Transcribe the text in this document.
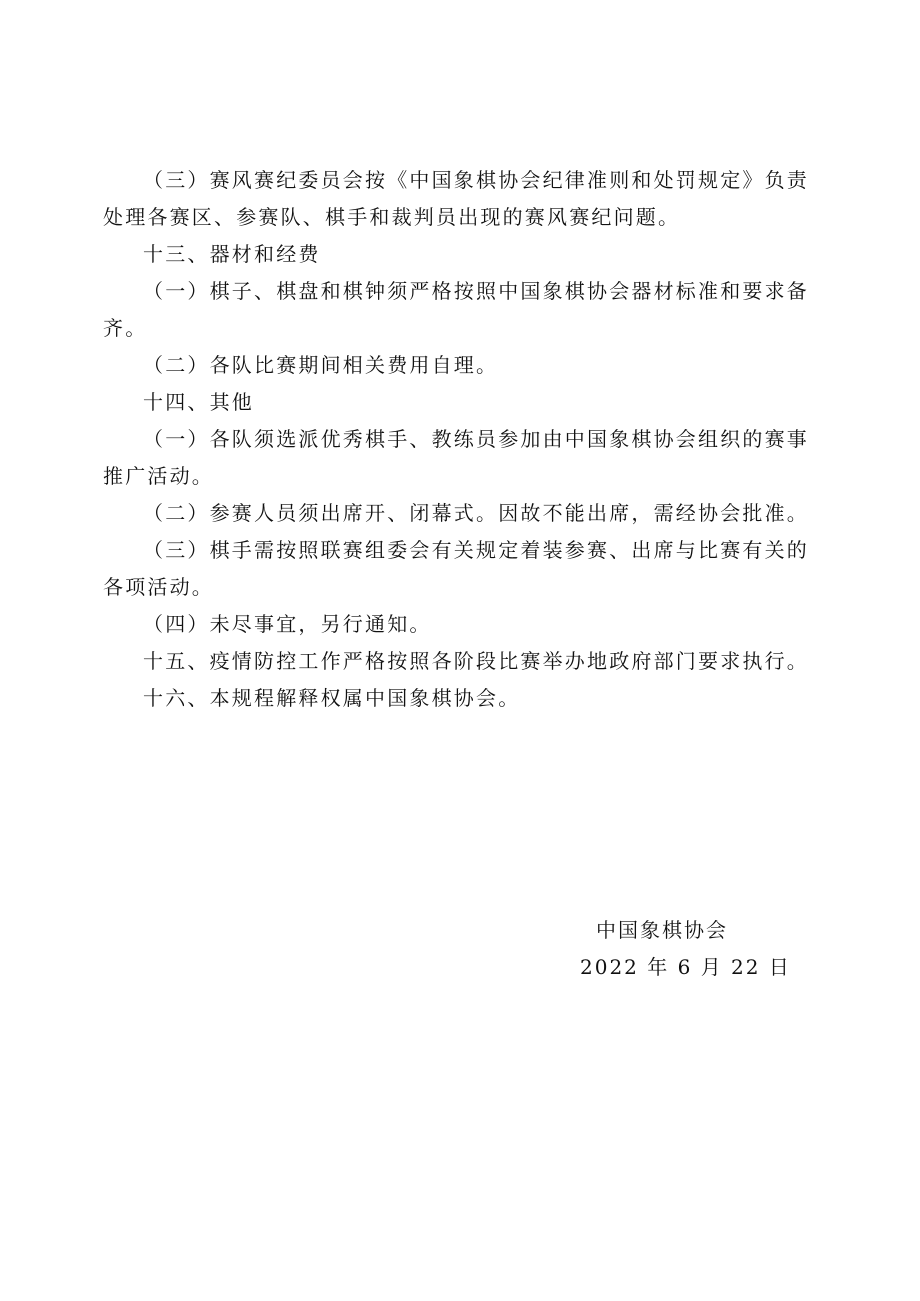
（三）赛风赛纪委员会按《中国象棋协会纪律准则和处罚规定》负责处理各赛区、参赛队、棋手和裁判员出现的赛风赛纪问题。

十三、器材和经费

（一）棋子、棋盘和棋钟须严格按照中国象棋协会器材标准和要求备齐。

（二）各队比赛期间相关费用自理。

十四、其他

（一）各队须选派优秀棋手、教练员参加由中国象棋协会组织的赛事推广活动。

（二）参赛人员须出席开、闭幕式。因故不能出席，需经协会批准。

（三）棋手需按照联赛组委会有关规定着装参赛、出席与比赛有关的各项活动。

（四）未尽事宜，另行通知。

十五、疫情防控工作严格按照各阶段比赛举办地政府部门要求执行。

十六、本规程解释权属中国象棋协会。

中国象棋协会
2022 年 6 月 22 日
